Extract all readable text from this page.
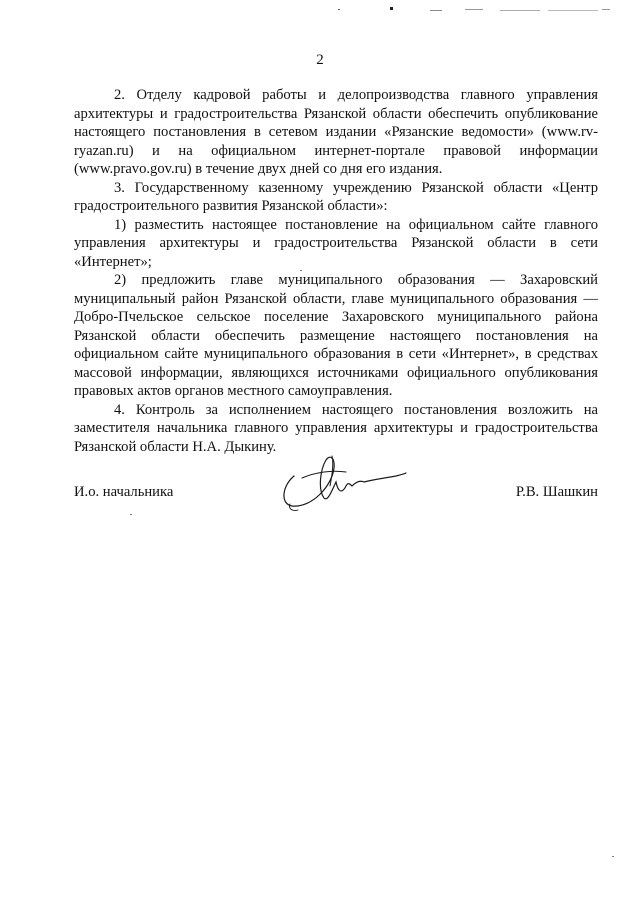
2

2. Отделу кадровой работы и делопроизводства главного управления архитектуры и градостроительства Рязанской области обеспечить опубликование настоящего постановления в сетевом издании «Рязанские ведомости» (www.rv-ryazan.ru) и на официальном интернет-портале правовой информации (www.pravo.gov.ru) в течение двух дней со дня его издания.

3. Государственному казенному учреждению Рязанской области «Центр градостроительного развития Рязанской области»:

1) разместить настоящее постановление на официальном сайте главного управления архитектуры и градостроительства Рязанской области в сети «Интернет»;

2) предложить главе муниципального образования — Захаровский муниципальный район Рязанской области, главе муниципального образования — Добро-Пчельское сельское поселение Захаровского муниципального района Рязанской области обеспечить размещение настоящего постановления на официальном сайте муниципального образования в сети «Интернет», в средствах массовой информации, являющихся источниками официального опубликования правовых актов органов местного самоуправления.

4. Контроль за исполнением настоящего постановления возложить на заместителя начальника главного управления архитектуры и градостроительства Рязанской области Н.А. Дыкину.

И.о. начальника	Р.В. Шашкин
